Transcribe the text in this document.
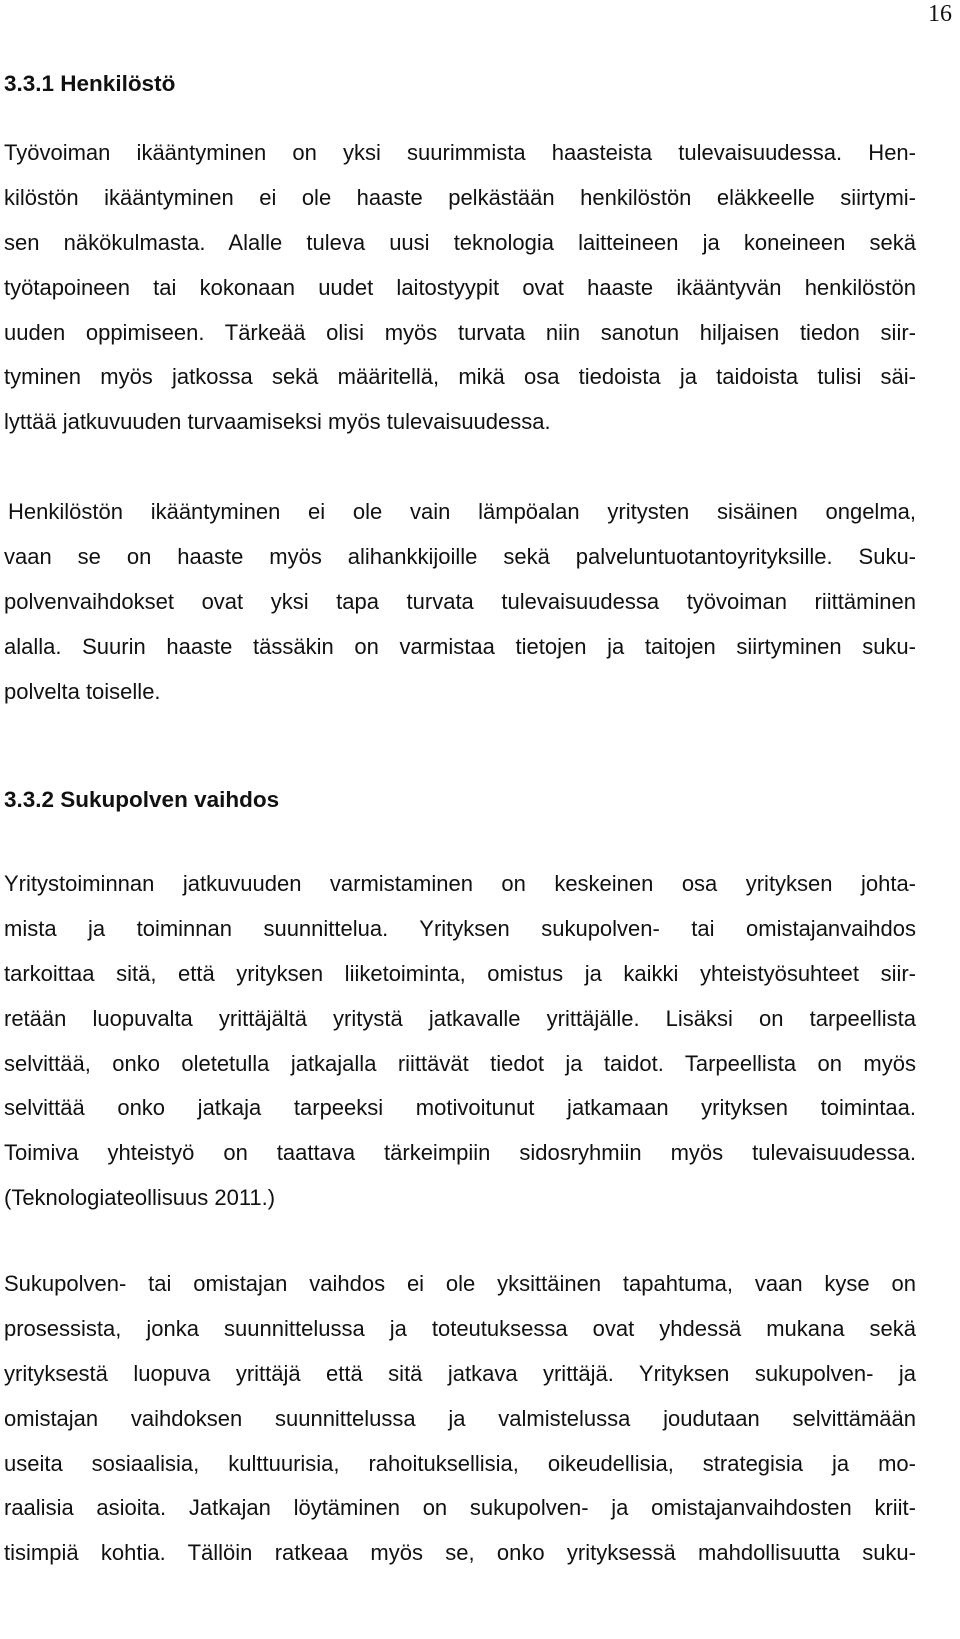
16
3.3.1 Henkilöstö
Työvoiman ikääntyminen on yksi suurimmista haasteista tulevaisuudessa. Hen-
kilöstön ikääntyminen ei ole haaste pelkästään henkilöstön eläkkeelle siirtymi-
sen näkökulmasta. Alalle tuleva uusi teknologia laitteineen ja koneineen sekä
työtapoineen tai kokonaan uudet laitostyypit ovat haaste ikääntyvän henkilöstön
uuden oppimiseen. Tärkeää olisi myös turvata niin sanotun hiljaisen tiedon siir-
tyminen myös jatkossa sekä määritellä, mikä osa tiedoista ja taidoista tulisi säi-
lyttää jatkuvuuden turvaamiseksi myös tulevaisuudessa.
Henkilöstön ikääntyminen ei ole vain lämpöalan yritysten sisäinen ongelma,
vaan se on haaste myös alihankkijoille sekä palveluntuotantoyrityksille. Suku-
polvenvaihdokset ovat yksi tapa turvata tulevaisuudessa työvoiman riittäminen
alalla. Suurin haaste tässäkin on varmistaa tietojen ja taitojen siirtyminen suku-
polvelta toiselle.
3.3.2 Sukupolven vaihdos
Yritystoiminnan jatkuvuuden varmistaminen on keskeinen osa yrityksen johta-
mista ja toiminnan suunnittelua. Yrityksen sukupolven- tai omistajanvaihdos
tarkoittaa sitä, että yrityksen liiketoiminta, omistus ja kaikki yhteistyösuhteet siir-
retään luopuvalta yrittäjältä yritystä jatkavalle yrittäjälle. Lisäksi on tarpeellista
selvittää, onko oletetulla jatkajalla riittävät tiedot ja taidot. Tarpeellista on myös
selvittää onko jatkaja tarpeeksi motivoitunut jatkamaan yrityksen toimintaa.
Toimiva yhteistyö on taattava tärkeimpiin sidosryhmiin myös tulevaisuudessa.
(Teknologiateollisuus 2011.)
Sukupolven- tai omistajan vaihdos ei ole yksittäinen tapahtuma, vaan kyse on
prosessista, jonka suunnittelussa ja toteutuksessa ovat yhdessä mukana sekä
yrityksestä luopuva yrittäjä että sitä jatkava yrittäjä. Yrityksen sukupolven- ja
omistajan vaihdoksen suunnittelussa ja valmistelussa joudutaan selvittämään
useita sosiaalisia, kulttuurisia, rahoituksellisia, oikeudellisia, strategisia ja mo-
raalisia asioita. Jatkajan löytäminen on sukupolven- ja omistajanvaihdosten kriit-
tisimpiä kohtia. Tällöin ratkeaa myös se, onko yrityksessä mahdollisuutta suku-
